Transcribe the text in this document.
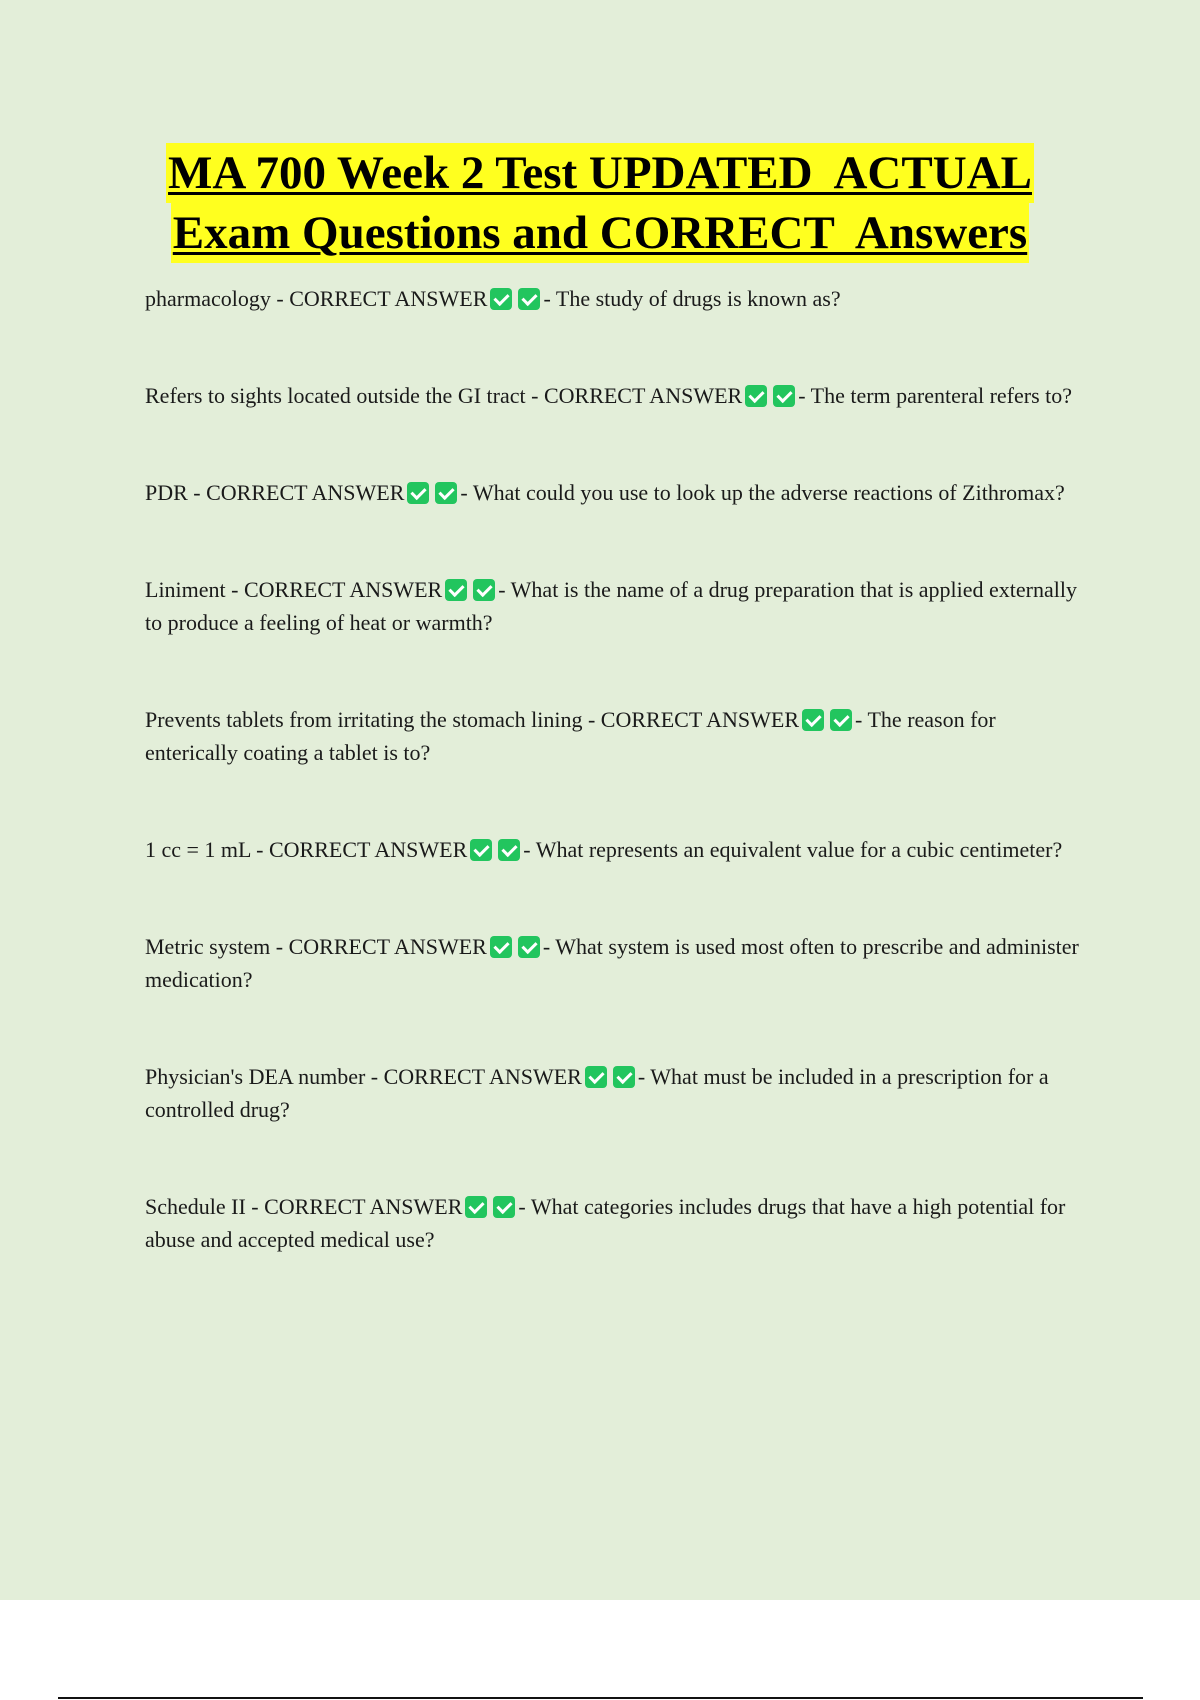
MA 700 Week 2 Test UPDATED  ACTUAL
Exam Questions and CORRECT  Answers
pharmacology - CORRECT ANSWER	- The study of drugs is known as?
Refers to sights located outside the GI tract - CORRECT ANSWER	- The term parenteral refers to?
PDR - CORRECT ANSWER	- What could you use to look up the adverse reactions of Zithromax?
Liniment - CORRECT ANSWER	- What is the name of a drug preparation that is applied externally to produce a feeling of heat or warmth?
Prevents tablets from irritating the stomach lining - CORRECT ANSWER	- The reason for enterically coating a tablet is to?
1 cc = 1 mL - CORRECT ANSWER	- What represents an equivalent value for a cubic centimeter?
Metric system - CORRECT ANSWER	- What system is used most often to prescribe and administer medication?
Physician's DEA number - CORRECT ANSWER	- What must be included in a prescription for a controlled drug?
Schedule II - CORRECT ANSWER	- What categories includes drugs that have a high potential for abuse and accepted medical use?
